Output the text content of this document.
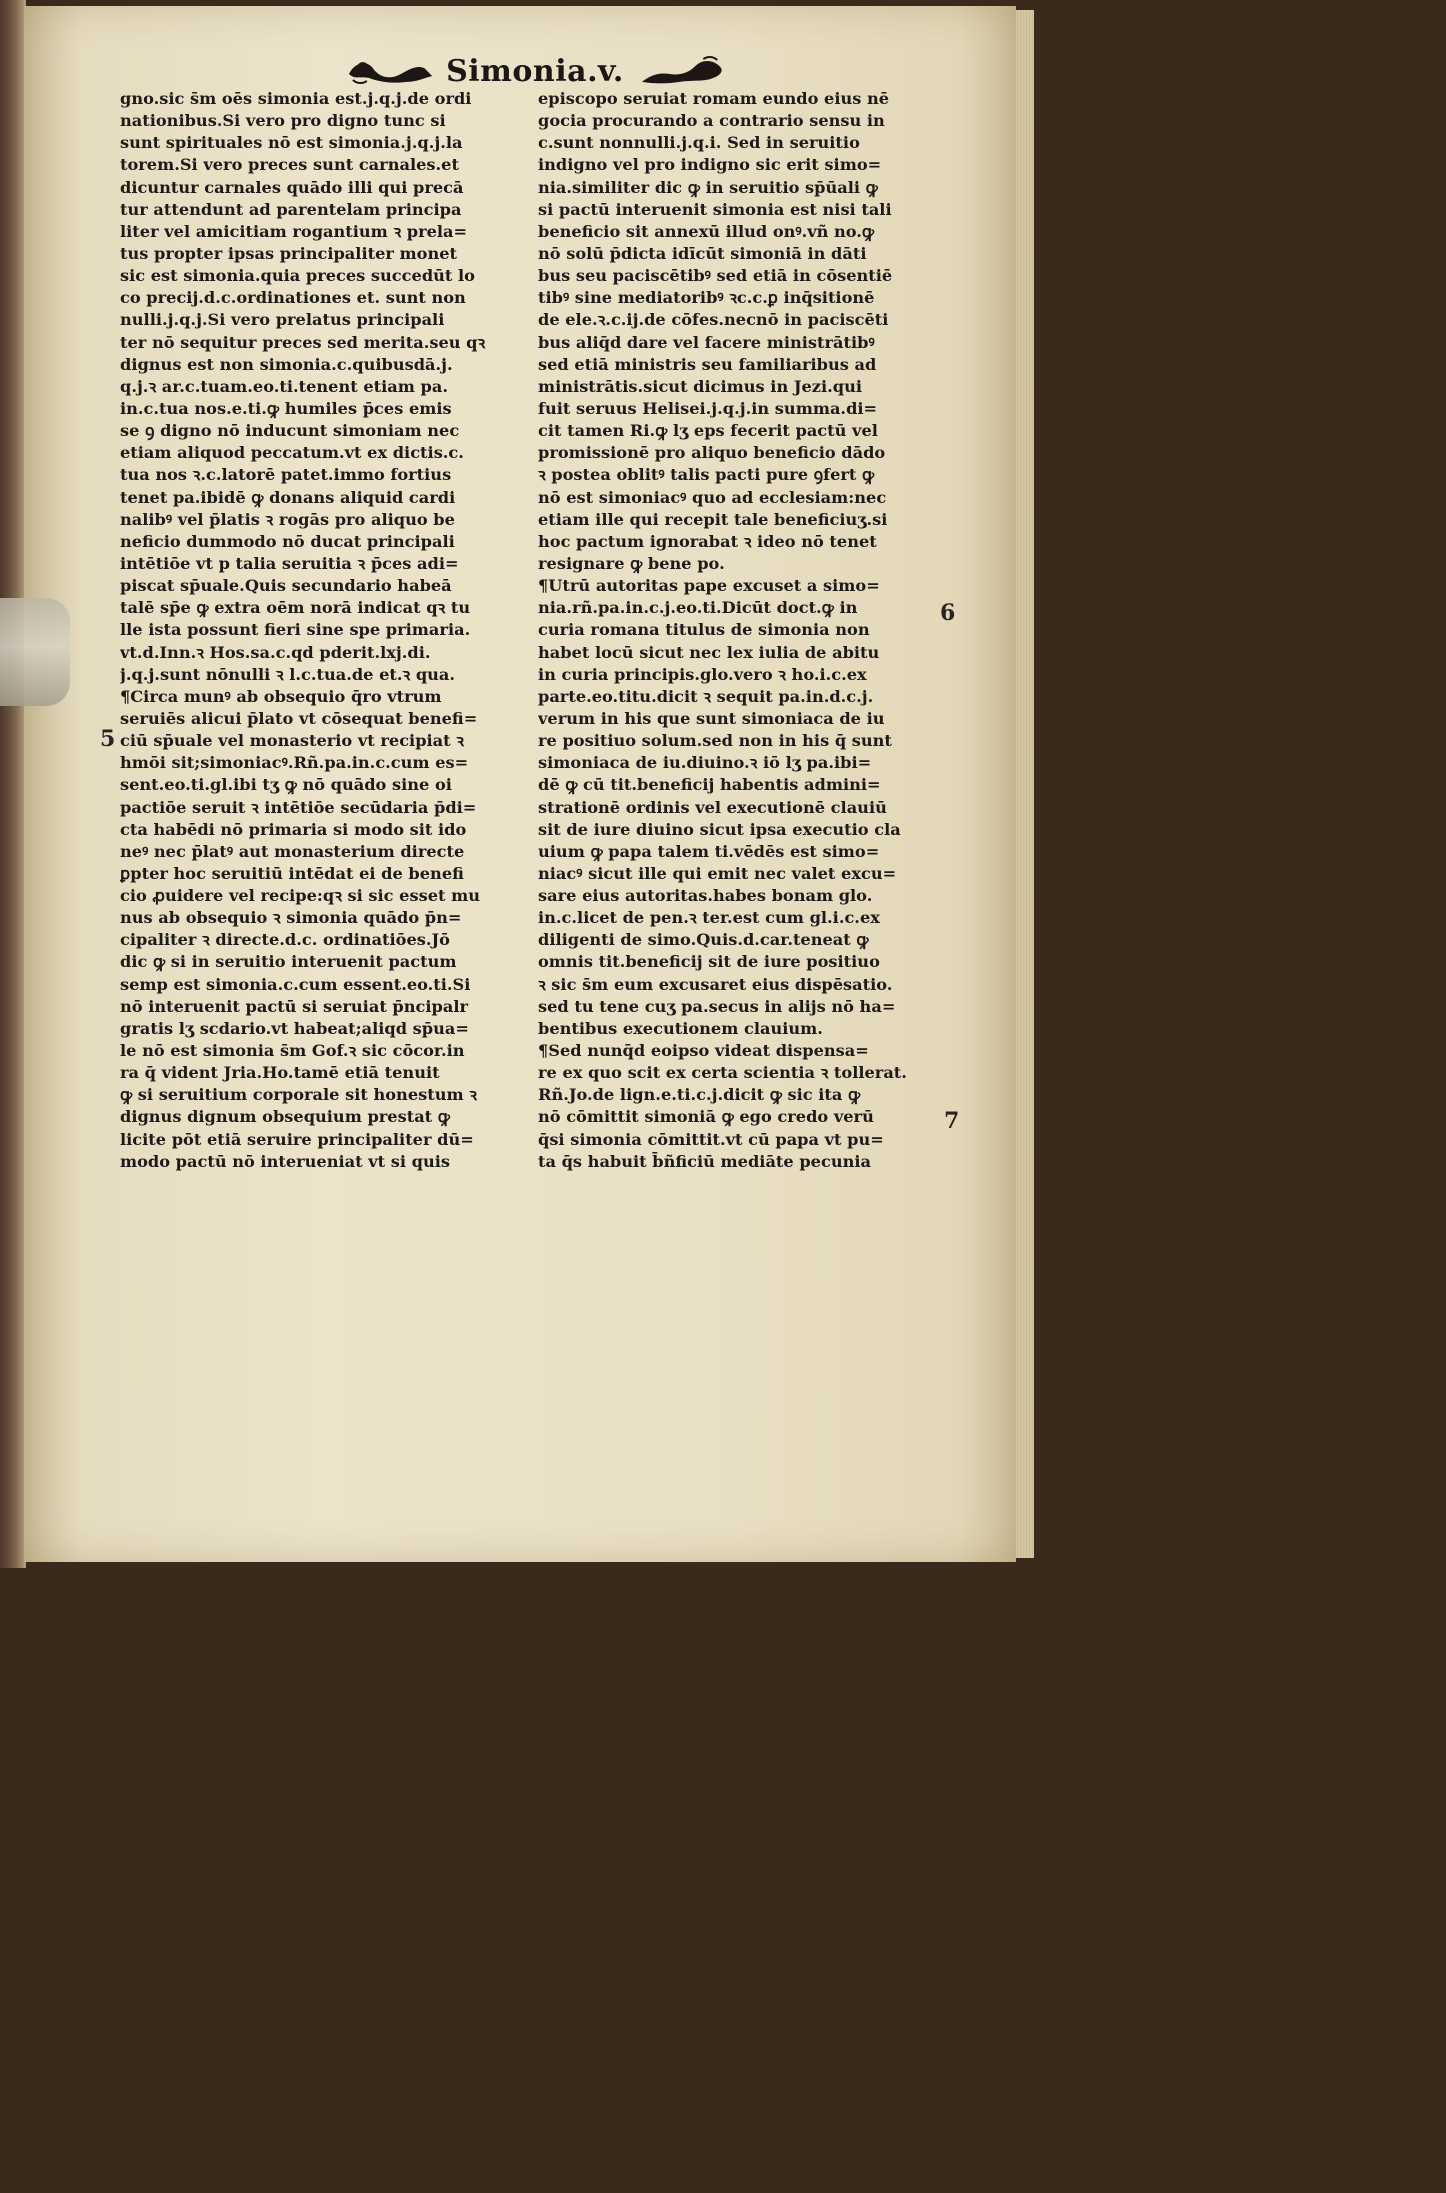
Simonia.v.
gno.sic s̄m oēs simonia est.j.q.j.de ordi
nationibus.Si vero pro digno tunc si
sunt spirituales nō est simonia.j.q.j.la
torem.Si vero preces sunt carnales.et
dicuntur carnales quādo illi qui precā
tur attendunt ad parentelam principa
liter vel amicitiam rogantium ꝛ prela=
tus propter ipsas principaliter monet
sic est simonia.quia preces succedūt lo
co precij.d.c.ordinationes et. sunt non
nulli.j.q.j.Si vero prelatus principali
ter nō sequitur preces sed merita.seu qꝛ
dignus est non simonia.c.quibusdā.j.
q.j.ꝛ ar.c.tuam.eo.ti.tenent etiam pa.
in.c.tua nos.e.ti.ꝙ humiles p̄ces emis
se ꝯ digno nō inducunt simoniam nec
etiam aliquod peccatum.vt ex dictis.c.
tua nos ꝛ.c.latorē patet.immo fortius
tenet pa.ibidē ꝙ donans aliquid cardi
nalibꝰ vel p̄latis ꝛ rogās pro aliquo be
neficio dummodo nō ducat principali
intētiōe vt p talia seruitia ꝛ p̄ces adi=
piscat sp̄uale.Quis secundario habeā
talē sp̄e ꝙ extra oēm norā indicat qꝛ tu
lle ista possunt fieri sine spe primaria.
vt.d.Inn.ꝛ Hos.sa.c.qd pderit.lxj.di.
j.q.j.sunt nōnulli ꝛ l.c.tua.de et.ꝛ qua.
¶Circa munꝰ ab obsequio q̄ro vtrum
seruiēs alicui p̄lato vt cōsequat benefi=
ciū sp̄uale vel monasterio vt recipiat ꝛ
hmōi sit;simoniacꝰ.Rñ.pa.in.c.cum es=
sent.eo.ti.gl.ibi tʒ ꝙ nō quādo sine oi
pactiōe seruit ꝛ intētiōe secūdaria p̄di=
cta habēdi nō primaria si modo sit ido
neꝰ nec p̄latꝰ aut monasterium directe
ꝑpter hoc seruitiū intēdat ei de benefi
cio ꝓuidere vel recipe:qꝛ si sic esset mu
nus ab obsequio ꝛ simonia quādo p̄n=
cipaliter ꝛ directe.d.c. ordinatiōes.Jō
dic ꝙ si in seruitio interuenit pactum
semp est simonia.c.cum essent.eo.ti.Si
nō interuenit pactū si seruiat p̄ncipalr
gratis lʒ scdario.vt habeat;aliqd sp̄ua=
le nō est simonia s̄m Gof.ꝛ sic cōcor.in
ra q̄ vident Jria.Ho.tamē etiā tenuit
ꝙ si seruitium corporale sit honestum ꝛ
dignus dignum obsequium prestat ꝙ
licite pōt etiā seruire principaliter dū=
modo pactū nō interueniat vt si quis
episcopo seruiat romam eundo eius nē
gocia procurando a contrario sensu in
c.sunt nonnulli.j.q.i. Sed in seruitio
indigno vel pro indigno sic erit simo=
nia.similiter dic ꝙ in seruitio sp̄ūali ꝙ
si pactū interuenit simonia est nisi tali
beneficio sit annexū illud onꝰ.vñ no.ꝙ
nō solū p̄dicta idīcūt simoniā in dāti
bus seu paciscētibꝰ sed etiā in cōsentiē
tibꝰ sine mediatoribꝰ ꝛc.c.ꝑ inq̄sitionē
de ele.ꝛ.c.ij.de cōfes.necnō in paciscēti
bus aliq̄d dare vel facere ministrātibꝰ
sed etiā ministris seu familiaribus ad
ministrātis.sicut dicimus in Jezi.qui
fuit seruus Helisei.j.q.j.in summa.di=
cit tamen Ri.ꝙ lʒ eps fecerit pactū vel
promissionē pro aliquo beneficio dādo
ꝛ postea oblitꝰ talis pacti pure ꝯfert ꝙ
nō est simoniacꝰ quo ad ecclesiam:nec
etiam ille qui recepit tale beneficiuʒ.si
hoc pactum ignorabat ꝛ ideo nō tenet
resignare ꝙ bene po.
¶Utrū autoritas pape excuset a simo=
nia.rñ.pa.in.c.j.eo.ti.Dicūt doct.ꝙ in
curia romana titulus de simonia non
habet locū sicut nec lex iulia de abitu
in curia principis.glo.vero ꝛ ho.i.c.ex
parte.eo.titu.dicit ꝛ sequit pa.in.d.c.j.
verum in his que sunt simoniaca de iu
re positiuo solum.sed non in his q̄ sunt
simoniaca de iu.diuino.ꝛ iō lʒ pa.ibi=
dē ꝙ cū tit.beneficij habentis admini=
strationē ordinis vel executionē clauiū
sit de iure diuino sicut ipsa executio cla
uium ꝙ papa talem ti.vēdēs est simo=
niacꝰ sicut ille qui emit nec valet excu=
sare eius autoritas.habes bonam glo.
in.c.licet de pen.ꝛ ter.est cum gl.i.c.ex
diligenti de simo.Quis.d.car.teneat ꝙ
omnis tit.beneficij sit de iure positiuo
ꝛ sic s̄m eum excusaret eius dispēsatio.
sed tu tene cuʒ pa.secus in alijs nō ha=
bentibus executionem clauium.
¶Sed nunq̄d eoipso videat dispensa=
re ex quo scit ex certa scientia ꝛ tollerat.
Rñ.Jo.de lign.e.ti.c.j.dicit ꝙ sic ita ꝙ
nō cōmittit simoniā ꝙ ego credo verū
q̄si simonia cōmittit.vt cū papa vt pu=
ta q̄s habuit b̄ñficiū mediāte pecunia
5
6
7
